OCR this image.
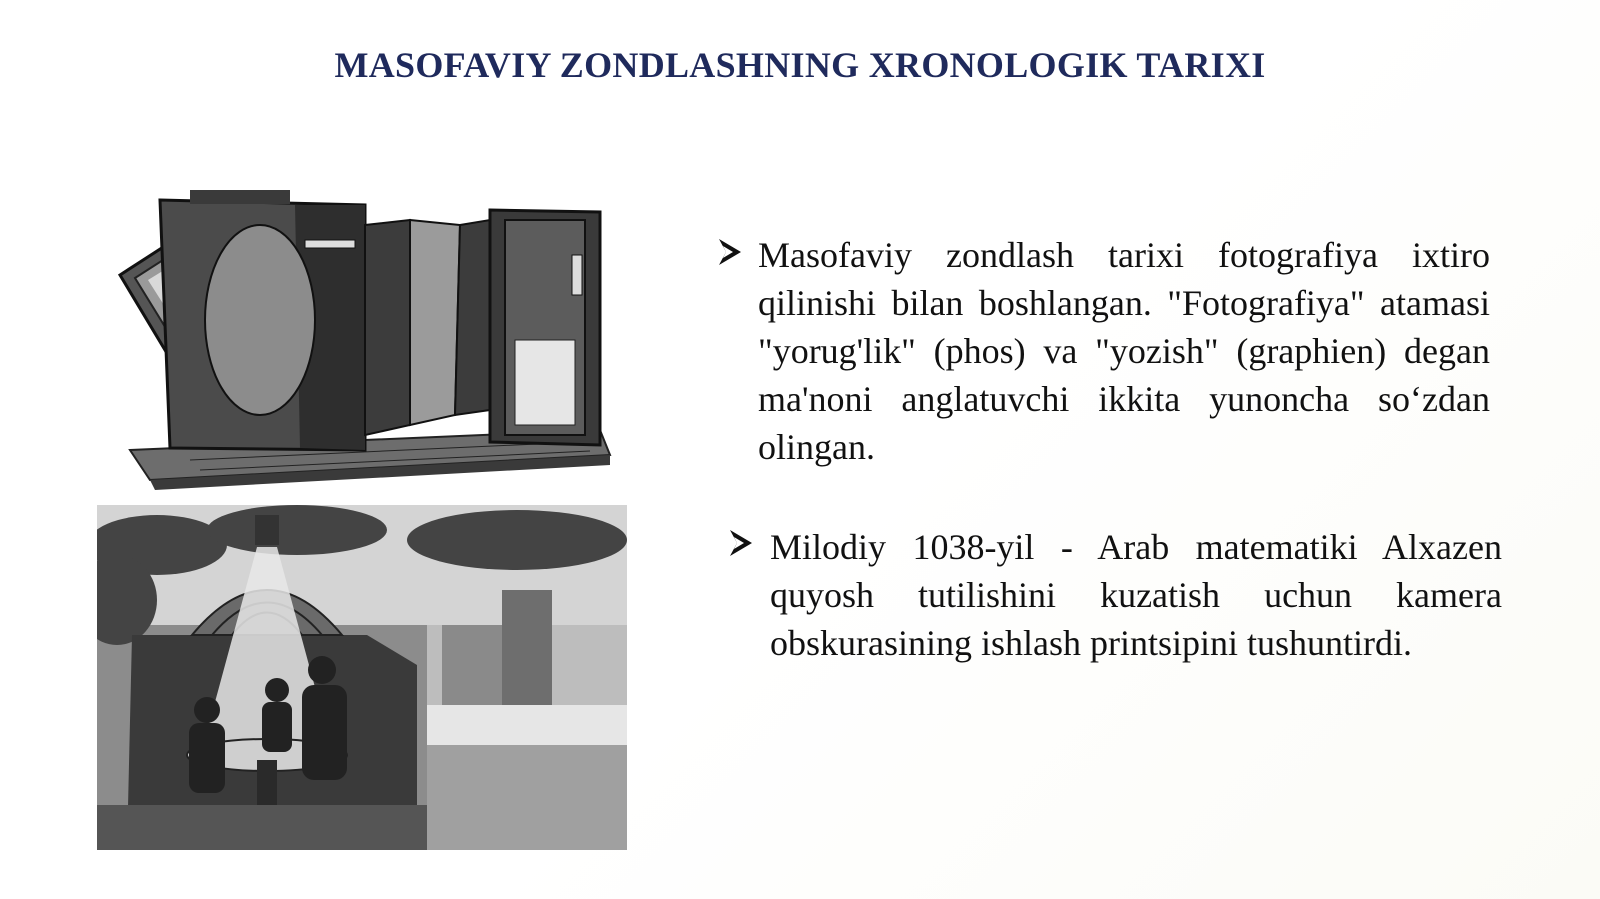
MASOFAVIY ZONDLASHNING XRONOLOGIK TARIXI
Masofaviy zondlash tarixi fotografiya ixtiro qilinishi bilan boshlangan. "Fotografiya" atamasi "yorug'lik" (phos) va "yozish" (graphien) degan ma'noni anglatuvchi ikkita yunoncha so‘zdan olingan.
Milodiy 1038-yil - Arab matematiki Alxazen quyosh tutilishini kuzatish uchun kamera obskurasining ishlash printsipini tushuntirdi.
